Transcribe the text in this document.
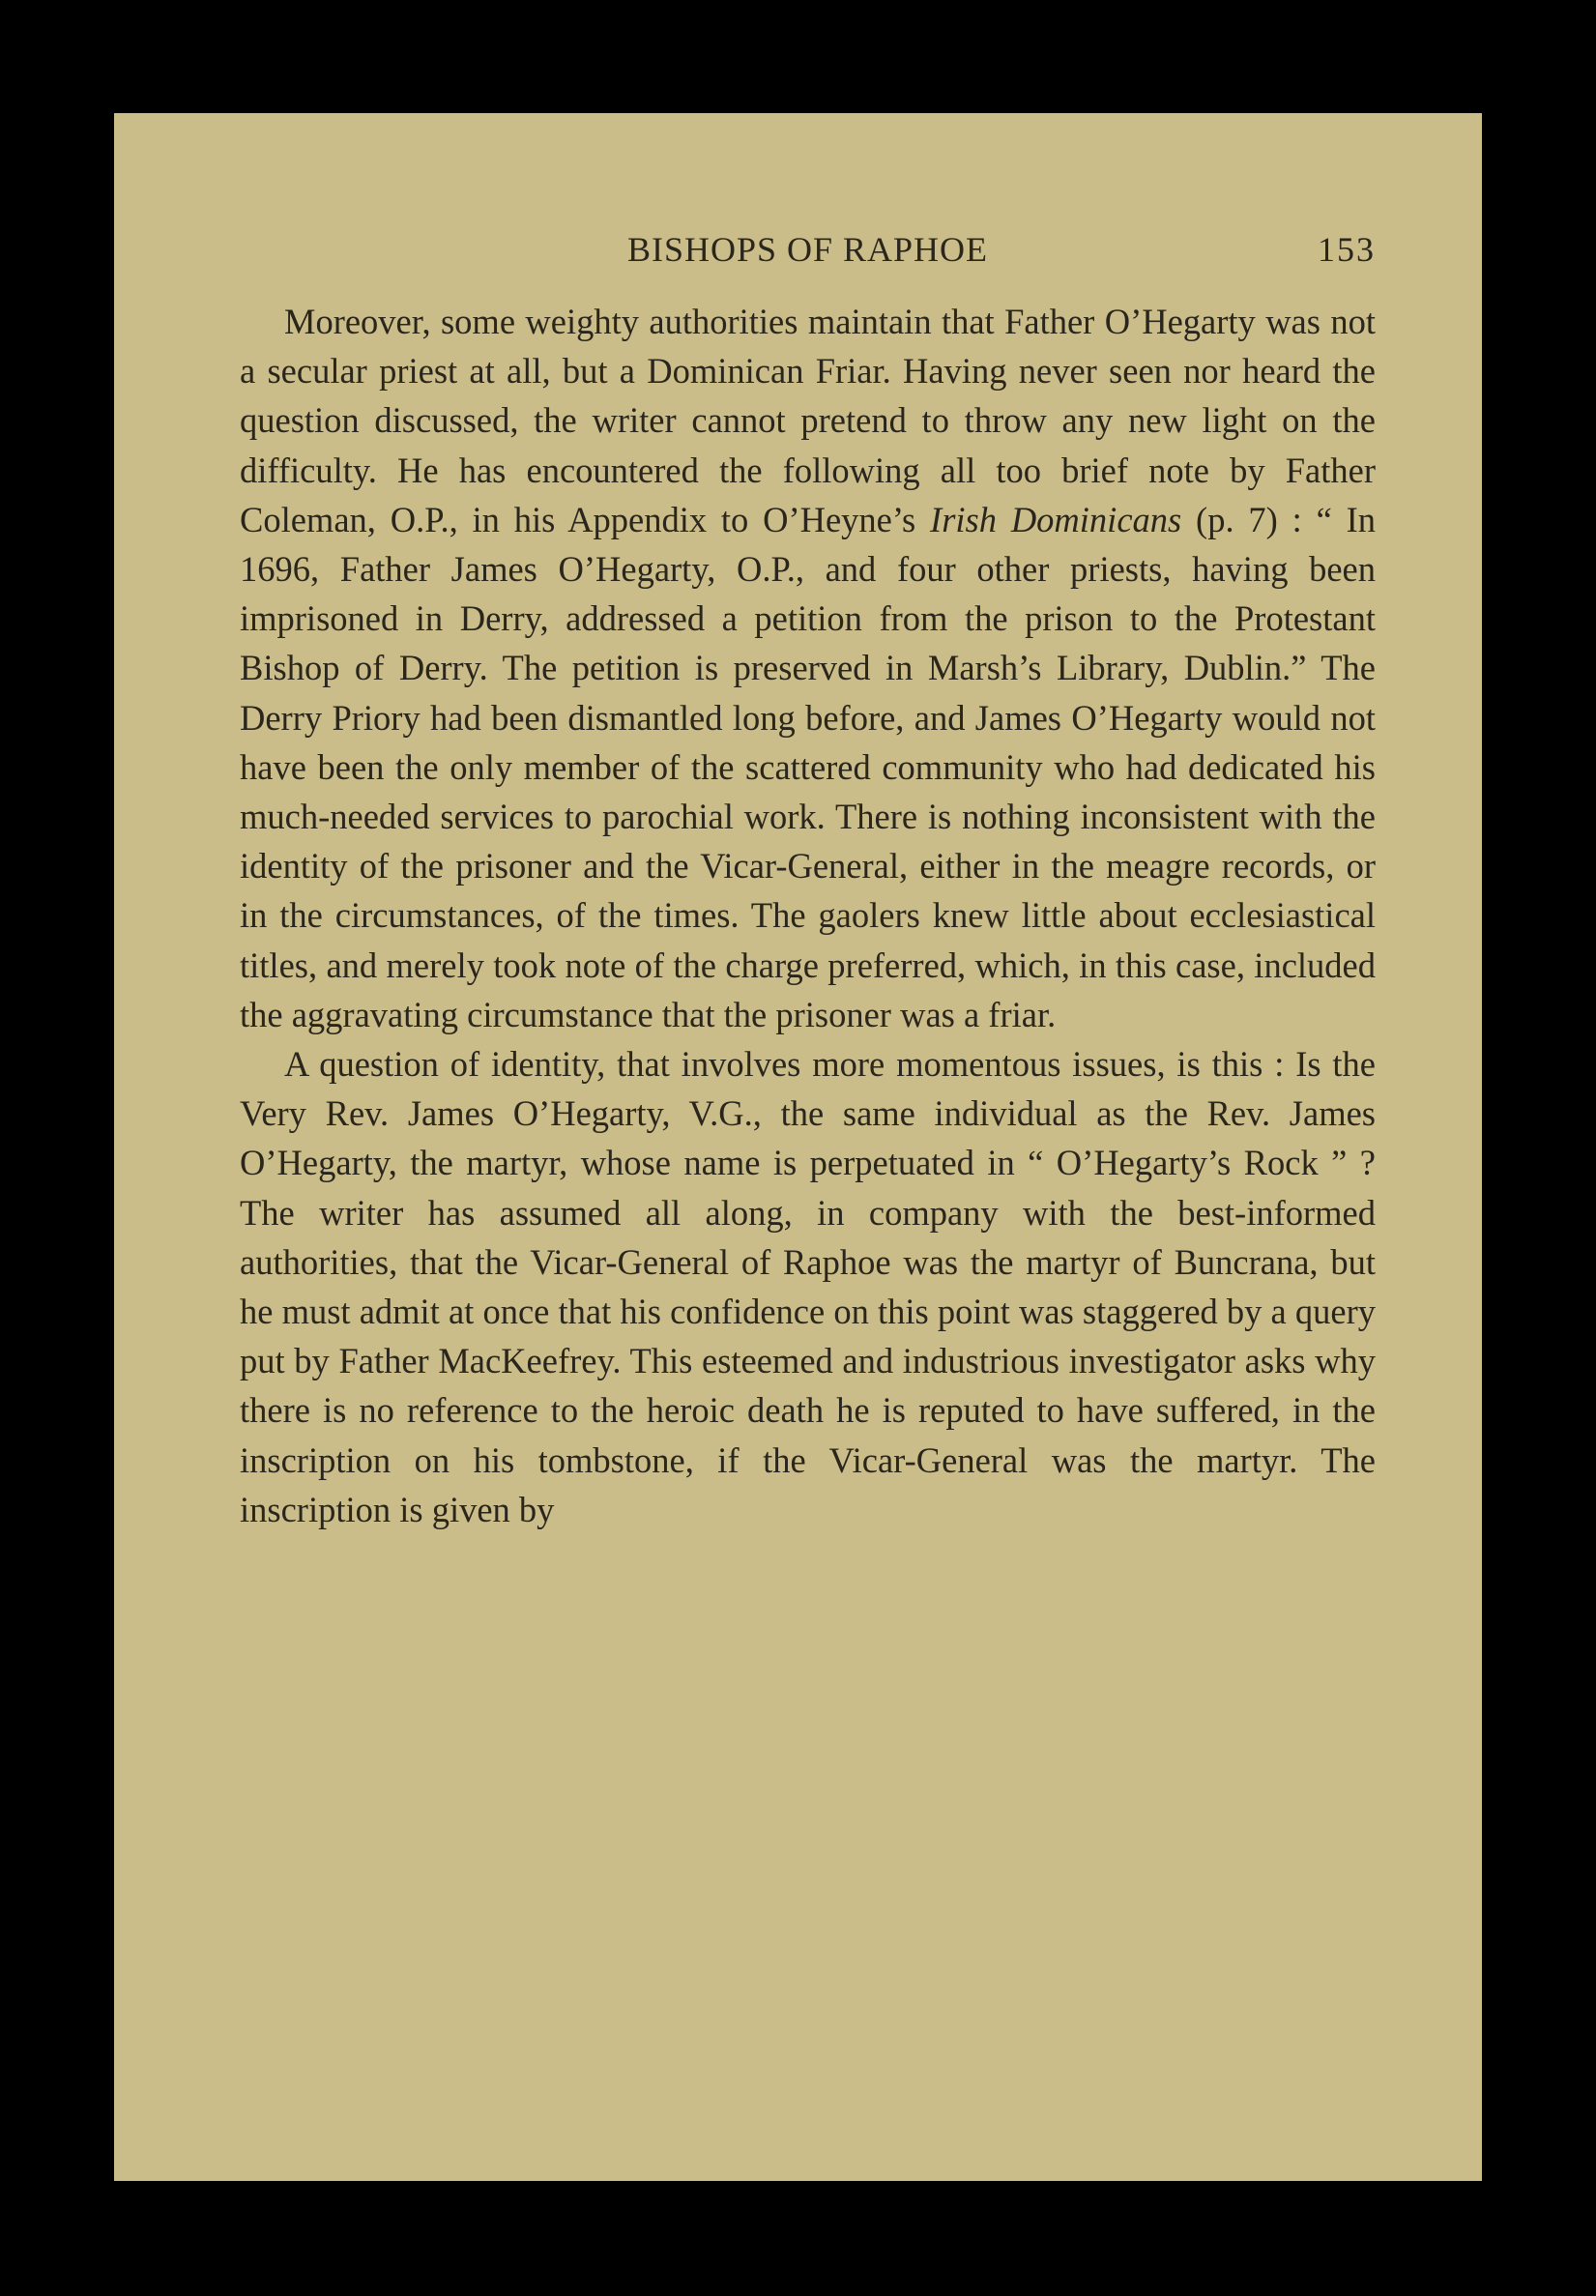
BISHOPS OF RAPHOE	153

Moreover, some weighty authorities maintain that Father O’Hegarty was not a secular priest at all, but a Dominican Friar. Having never seen nor heard the question discussed, the writer cannot pretend to throw any new light on the difficulty. He has encountered the following all too brief note by Father Coleman, O.P., in his Appendix to O’Heyne’s Irish Dominicans (p. 7) : “ In 1696, Father James O’Hegarty, O.P., and four other priests, having been imprisoned in Derry, addressed a petition from the prison to the Protestant Bishop of Derry. The petition is preserved in Marsh’s Library, Dublin.” The Derry Priory had been dismantled long before, and James O’Hegarty would not have been the only member of the scattered community who had dedicated his much-needed services to parochial work. There is nothing inconsistent with the identity of the prisoner and the Vicar-General, either in the meagre records, or in the circumstances, of the times. The gaolers knew little about ecclesiastical titles, and merely took note of the charge preferred, which, in this case, included the aggravating circumstance that the prisoner was a friar.

A question of identity, that involves more momentous issues, is this : Is the Very Rev. James O’Hegarty, V.G., the same individual as the Rev. James O’Hegarty, the martyr, whose name is perpetuated in “ O’Hegarty’s Rock ” ? The writer has assumed all along, in company with the best-informed authorities, that the Vicar-General of Raphoe was the martyr of Buncrana, but he must admit at once that his confidence on this point was staggered by a query put by Father MacKeefrey. This esteemed and industrious investigator asks why there is no reference to the heroic death he is reputed to have suffered, in the inscription on his tombstone, if the Vicar-General was the martyr. The inscription is given by
